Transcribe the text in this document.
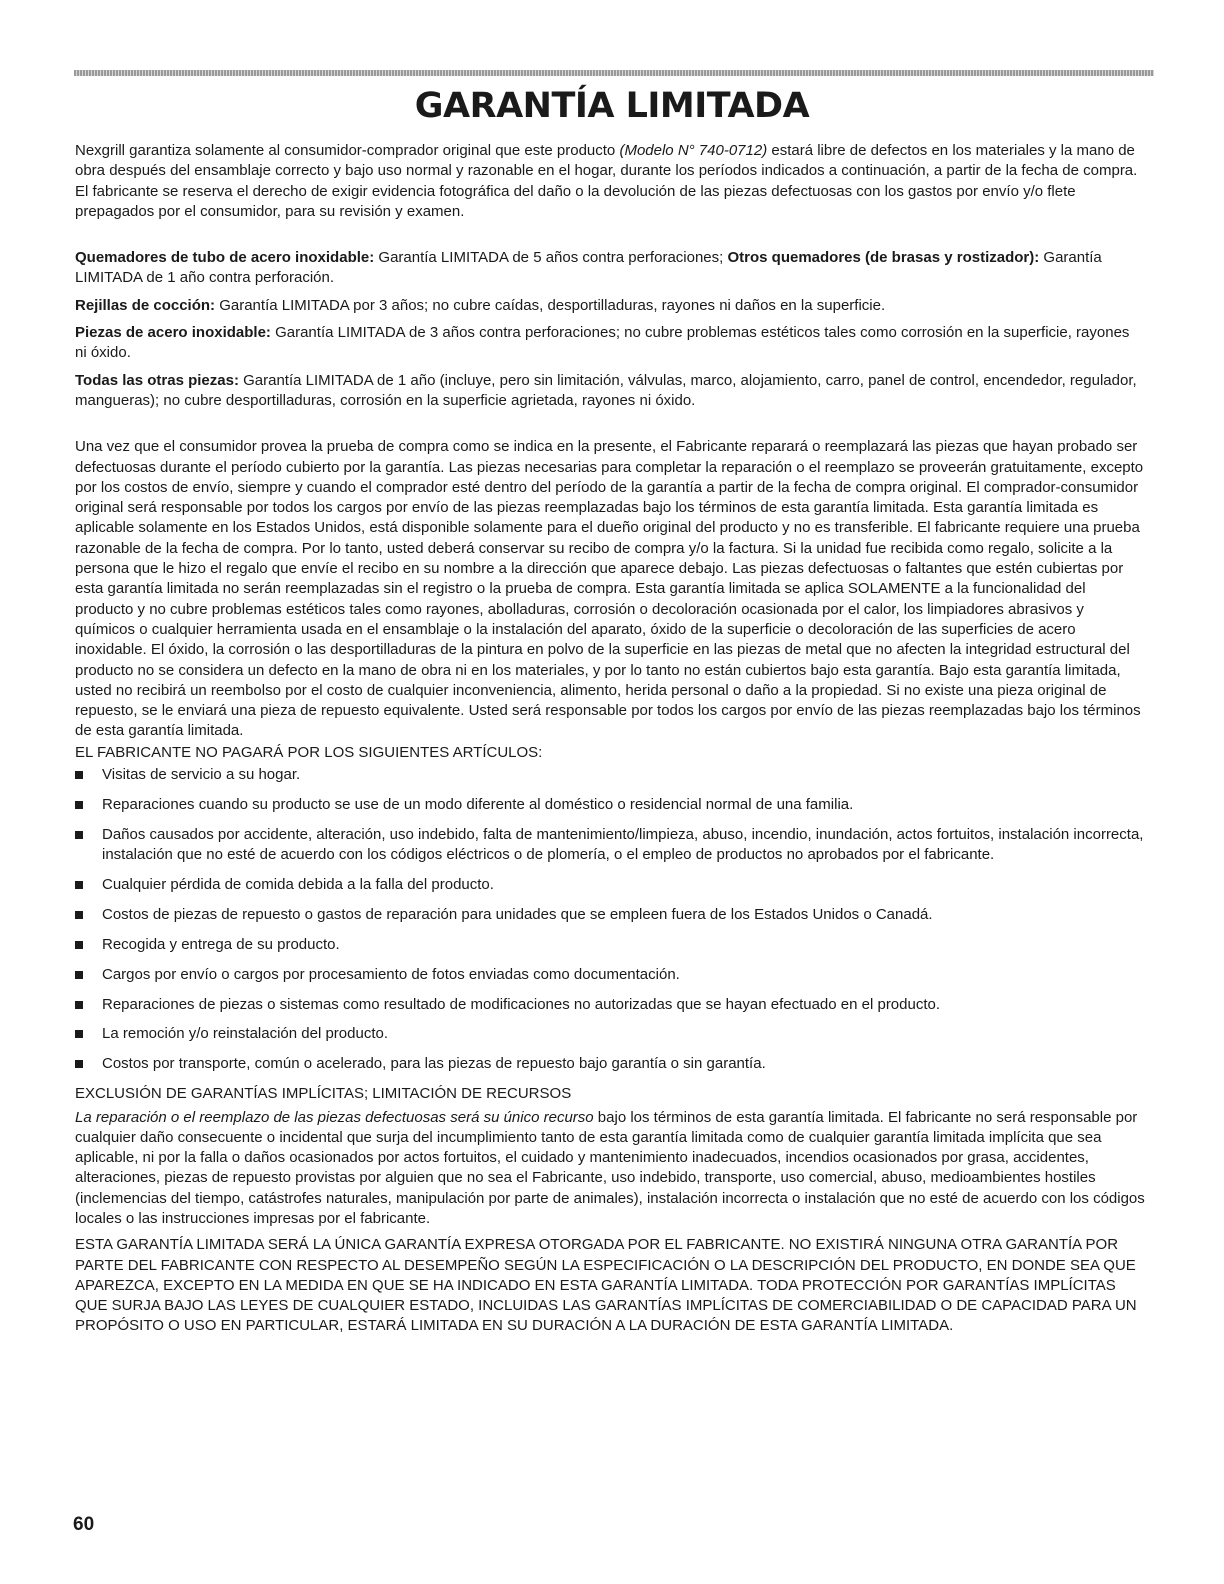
GARANTÍA LIMITADA

Nexgrill garantiza solamente al consumidor-comprador original que este producto (Modelo N° 740-0712) estará libre de defectos en los materiales y la mano de obra después del ensamblaje correcto y bajo uso normal y razonable en el hogar, durante los períodos indicados a continuación, a partir de la fecha de compra. El fabricante se reserva el derecho de exigir evidencia fotográfica del daño o la devolución de las piezas defectuosas con los gastos por envío y/o flete prepagados por el consumidor, para su revisión y examen.

Quemadores de tubo de acero inoxidable: Garantía LIMITADA de 5 años contra perforaciones; Otros quemadores (de brasas y rostizador): Garantía LIMITADA de 1 año contra perforación.

Rejillas de cocción: Garantía LIMITADA por 3 años; no cubre caídas, desportilladuras, rayones ni daños en la superficie.

Piezas de acero inoxidable: Garantía LIMITADA de 3 años contra perforaciones; no cubre problemas estéticos tales como corrosión en la superficie, rayones ni óxido.

Todas las otras piezas: Garantía LIMITADA de 1 año (incluye, pero sin limitación, válvulas, marco, alojamiento, carro, panel de control, encendedor, regulador, mangueras); no cubre desportilladuras, corrosión en la superficie agrietada, rayones ni óxido.

Una vez que el consumidor provea la prueba de compra como se indica en la presente, el Fabricante reparará o reemplazará las piezas que hayan probado ser defectuosas durante el período cubierto por la garantía. Las piezas necesarias para completar la reparación o el reemplazo se proveerán gratuitamente, excepto por los costos de envío, siempre y cuando el comprador esté dentro del período de la garantía a partir de la fecha de compra original. El comprador-consumidor original será responsable por todos los cargos por envío de las piezas reemplazadas bajo los términos de esta garantía limitada. Esta garantía limitada es aplicable solamente en los Estados Unidos, está disponible solamente para el dueño original del producto y no es transferible. El fabricante requiere una prueba razonable de la fecha de compra. Por lo tanto, usted deberá conservar su recibo de compra y/o la factura. Si la unidad fue recibida como regalo, solicite a la persona que le hizo el regalo que envíe el recibo en su nombre a la dirección que aparece debajo. Las piezas defectuosas o faltantes que estén cubiertas por esta garantía limitada no serán reemplazadas sin el registro o la prueba de compra. Esta garantía limitada se aplica SOLAMENTE a la funcionalidad del producto y no cubre problemas estéticos tales como rayones, abolladuras, corrosión o decoloración ocasionada por el calor, los limpiadores abrasivos y químicos o cualquier herramienta usada en el ensamblaje o la instalación del aparato, óxido de la superficie o decoloración de las superficies de acero inoxidable. El óxido, la corrosión o las desportilladuras de la pintura en polvo de la superficie en las piezas de metal que no afecten la integridad estructural del producto no se considera un defecto en la mano de obra ni en los materiales, y por lo tanto no están cubiertos bajo esta garantía. Bajo esta garantía limitada, usted no recibirá un reembolso por el costo de cualquier inconveniencia, alimento, herida personal o daño a la propiedad. Si no existe una pieza original de repuesto, se le enviará una pieza de repuesto equivalente. Usted será responsable por todos los cargos por envío de las piezas reemplazadas bajo los términos de esta garantía limitada.

EL FABRICANTE NO PAGARÁ POR LOS SIGUIENTES ARTÍCULOS:

Visitas de servicio a su hogar.
Reparaciones cuando su producto se use de un modo diferente al doméstico o residencial normal de una familia.
Daños causados por accidente, alteración, uso indebido, falta de mantenimiento/limpieza, abuso, incendio, inundación, actos fortuitos, instalación incorrecta, instalación que no esté de acuerdo con los códigos eléctricos o de plomería, o el empleo de productos no aprobados por el fabricante.
Cualquier pérdida de comida debida a la falla del producto.
Costos de piezas de repuesto o gastos de reparación para unidades que se empleen fuera de los Estados Unidos o Canadá.
Recogida y entrega de su producto.
Cargos por envío o cargos por procesamiento de fotos enviadas como documentación.
Reparaciones de piezas o sistemas como resultado de modificaciones no autorizadas que se hayan efectuado en el producto.
La remoción y/o reinstalación del producto.
Costos por transporte, común o acelerado, para las piezas de repuesto bajo garantía o sin garantía.

EXCLUSIÓN DE GARANTÍAS IMPLÍCITAS; LIMITACIÓN DE RECURSOS

La reparación o el reemplazo de las piezas defectuosas será su único recurso bajo los términos de esta garantía limitada. El fabricante no será responsable por cualquier daño consecuente o incidental que surja del incumplimiento tanto de esta garantía limitada como de cualquier garantía limitada implícita que sea aplicable, ni por la falla o daños ocasionados por actos fortuitos, el cuidado y mantenimiento inadecuados, incendios ocasionados por grasa, accidentes, alteraciones, piezas de repuesto provistas por alguien que no sea el Fabricante, uso indebido, transporte, uso comercial, abuso, medioambientes hostiles (inclemencias del tiempo, catástrofes naturales, manipulación por parte de animales), instalación incorrecta o instalación que no esté de acuerdo con los códigos locales o las instrucciones impresas por el fabricante.

ESTA GARANTÍA LIMITADA SERÁ LA ÚNICA GARANTÍA EXPRESA OTORGADA POR EL FABRICANTE. NO EXISTIRÁ NINGUNA OTRA GARANTÍA POR PARTE DEL FABRICANTE CON RESPECTO AL DESEMPEÑO SEGÚN LA ESPECIFICACIÓN O LA DESCRIPCIÓN DEL PRODUCTO, EN DONDE SEA QUE APAREZCA, EXCEPTO EN LA MEDIDA EN QUE SE HA INDICADO EN ESTA GARANTÍA LIMITADA. TODA PROTECCIÓN POR GARANTÍAS IMPLÍCITAS QUE SURJA BAJO LAS LEYES DE CUALQUIER ESTADO, INCLUIDAS LAS GARANTÍAS IMPLÍCITAS DE COMERCIABILIDAD O DE CAPACIDAD PARA UN PROPÓSITO O USO EN PARTICULAR, ESTARÁ LIMITADA EN SU DURACIÓN A LA DURACIÓN DE ESTA GARANTÍA LIMITADA.

60
